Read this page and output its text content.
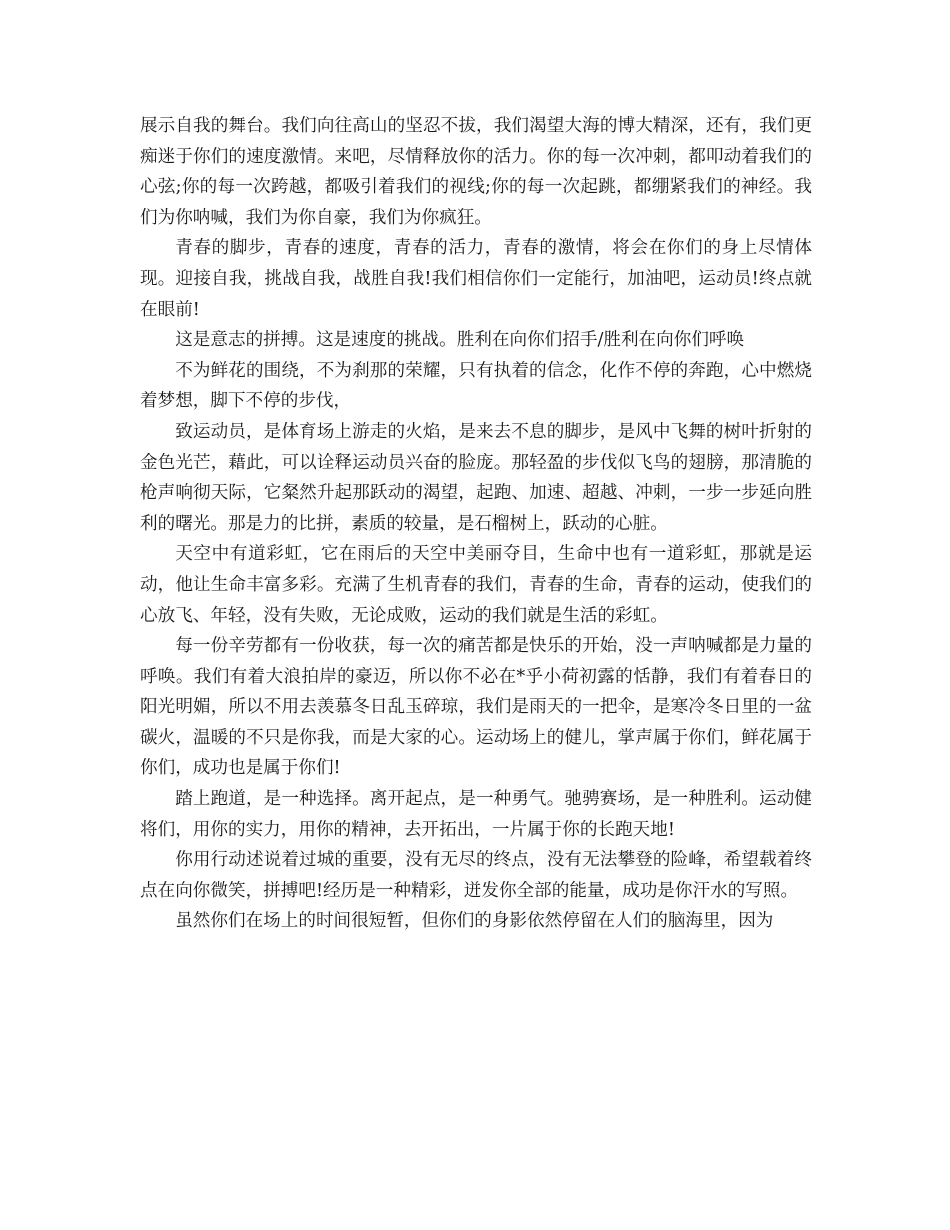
展示自我的舞台。我们向往高山的坚忍不拔，我们渴望大海的博大精深，还有，我们更痴迷于你们的速度激情。来吧，尽情释放你的活力。你的每一次冲刺，都叩动着我们的心弦;你的每一次跨越，都吸引着我们的视线;你的每一次起跳，都绷紧我们的神经。我们为你呐喊，我们为你自豪，我们为你疯狂。

青春的脚步，青春的速度，青春的活力，青春的激情，将会在你们的身上尽情体现。迎接自我，挑战自我，战胜自我!我们相信你们一定能行，加油吧，运动员!终点就在眼前!

这是意志的拼搏。这是速度的挑战。胜利在向你们招手/胜利在向你们呼唤

不为鲜花的围绕，不为刹那的荣耀，只有执着的信念，化作不停的奔跑，心中燃烧着梦想，脚下不停的步伐，

致运动员，是体育场上游走的火焰，是来去不息的脚步，是风中飞舞的树叶折射的金色光芒，藉此，可以诠释运动员兴奋的脸庞。那轻盈的步伐似飞鸟的翅膀，那清脆的枪声响彻天际，它粲然升起那跃动的渴望，起跑、加速、超越、冲刺，一步一步延向胜利的曙光。那是力的比拼，素质的较量，是石榴树上，跃动的心脏。

天空中有道彩虹，它在雨后的天空中美丽夺目，生命中也有一道彩虹，那就是运动，他让生命丰富多彩。充满了生机青春的我们，青春的生命，青春的运动，使我们的心放飞、年轻，没有失败，无论成败，运动的我们就是生活的彩虹。

每一份辛劳都有一份收获，每一次的痛苦都是快乐的开始，没一声呐喊都是力量的呼唤。我们有着大浪拍岸的豪迈，所以你不必在*乎小荷初露的恬静，我们有着春日的阳光明媚，所以不用去羡慕冬日乱玉碎琼，我们是雨天的一把伞，是寒冷冬日里的一盆碳火，温暖的不只是你我，而是大家的心。运动场上的健儿，掌声属于你们，鲜花属于你们，成功也是属于你们!

踏上跑道，是一种选择。离开起点，是一种勇气。驰骋赛场，是一种胜利。运动健将们，用你的实力，用你的精神，去开拓出，一片属于你的长跑天地!

你用行动述说着过城的重要，没有无尽的终点，没有无法攀登的险峰，希望载着终点在向你微笑，拼搏吧!经历是一种精彩，迸发你全部的能量，成功是你汗水的写照。

虽然你们在场上的时间很短暂，但你们的身影依然停留在人们的脑海里，因为
